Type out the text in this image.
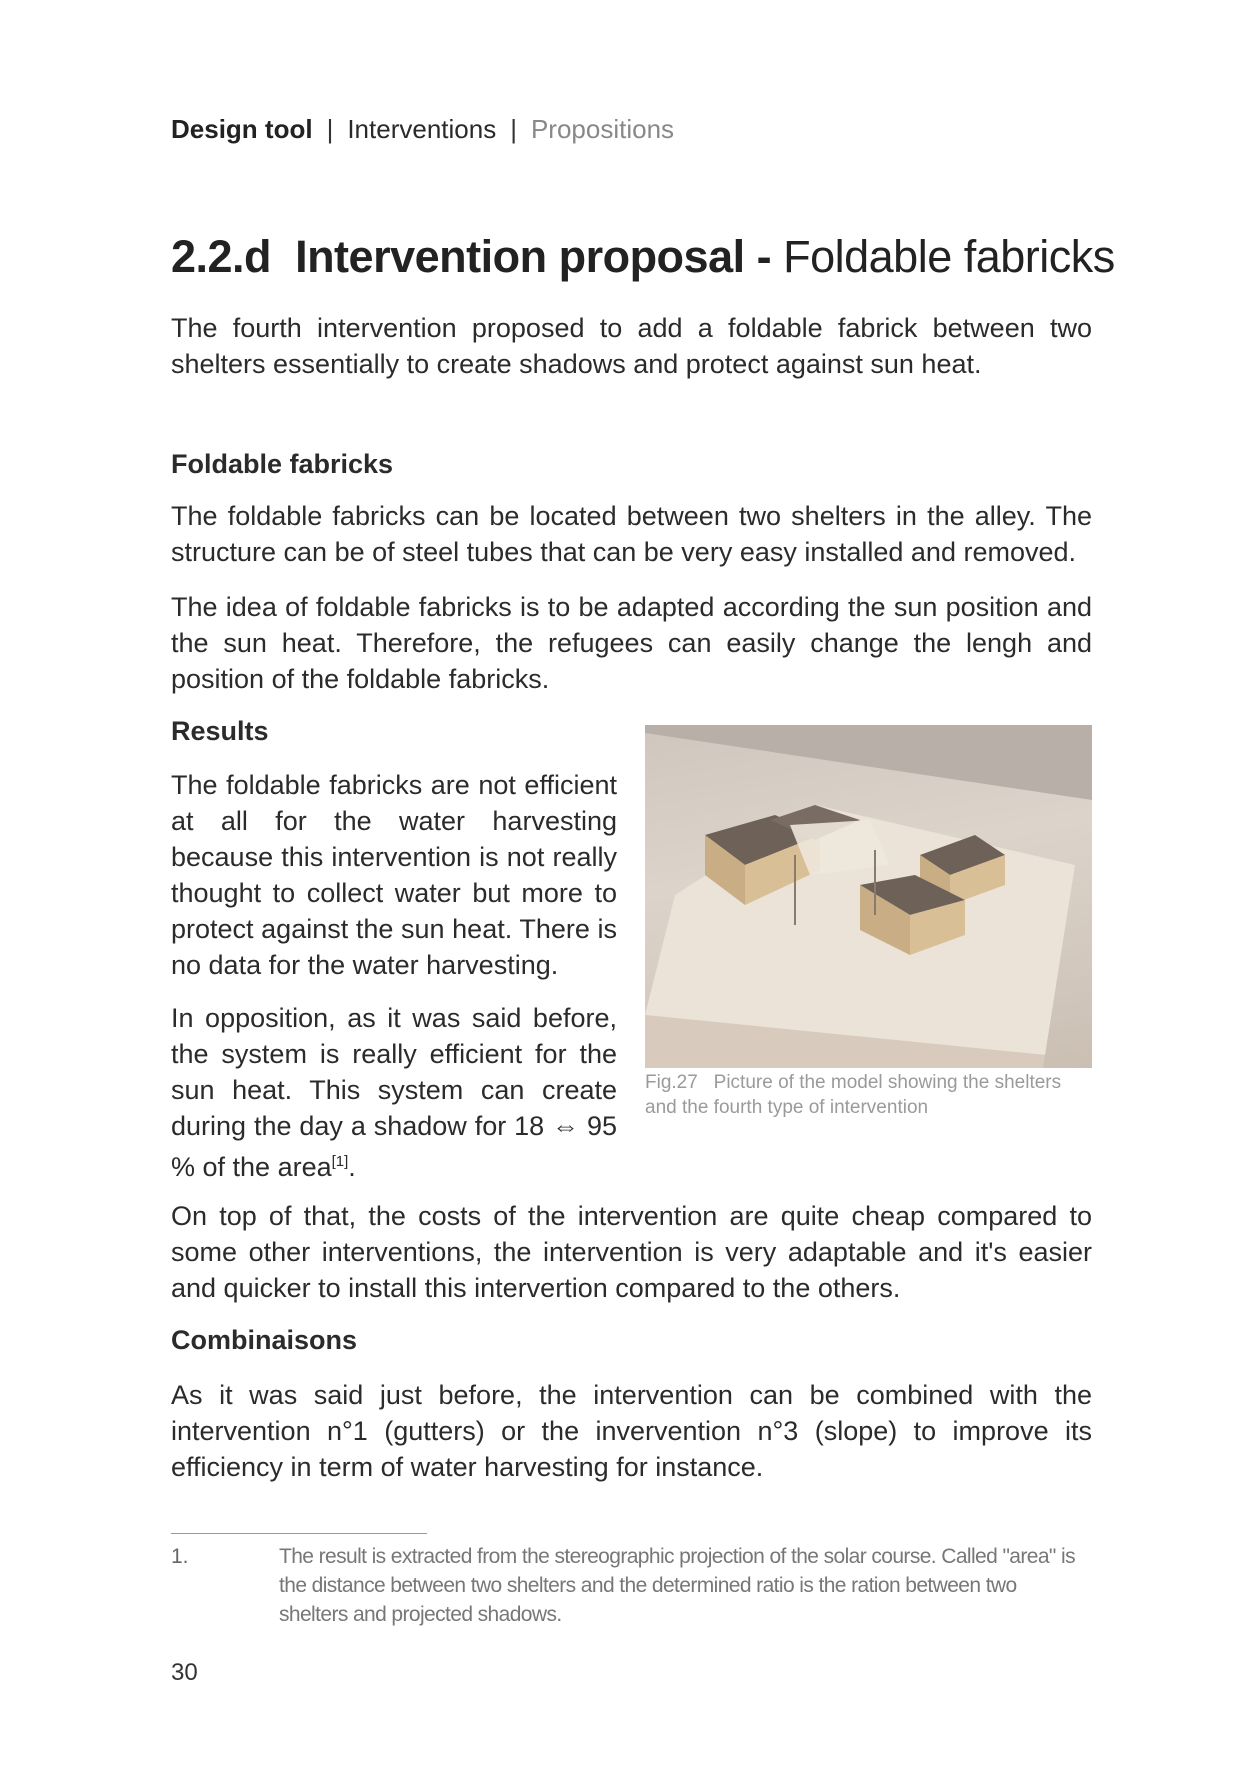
Design tool | Interventions | Propositions
2.2.d Intervention proposal - Foldable fabricks

The fourth intervention proposed to add a foldable fabrick between two shelters essentially to create shadows and protect against sun heat.

Foldable fabricks

The foldable fabricks can be located between two shelters in the alley. The structure can be of steel tubes that can be very easy installed and removed.

The idea of foldable fabricks is to be adapted according the sun position and the sun heat. Therefore, the refugees can easily change the lengh and position of the foldable fabricks.

Results

The foldable fabricks are not efficient at all for the water harvesting because this intervention is not really thought to collect water but more to protect against the sun heat. There is no data for the water harvesting.

In opposition, as it was said before, the system is really efficient for the sun heat. This system can create during the day a shadow for 18 ⇔ 95 % of the area[1].

Fig.27 Picture of the model showing the shelters and the fourth type of intervention

On top of that, the costs of the intervention are quite cheap compared to some other interventions, the intervention is very adaptable and it's easier and quicker to install this intervertion compared to the others.

Combinaisons

As it was said just before, the intervention can be combined with the intervention n°1 (gutters) or the invervention n°3 (slope) to improve its efficiency in term of water harvesting for instance.

1.	The result is extracted from the stereographic projection of the solar course. Called "area" is the distance between two shelters and the determined ratio is the ration between two shelters and projected shadows.
30
